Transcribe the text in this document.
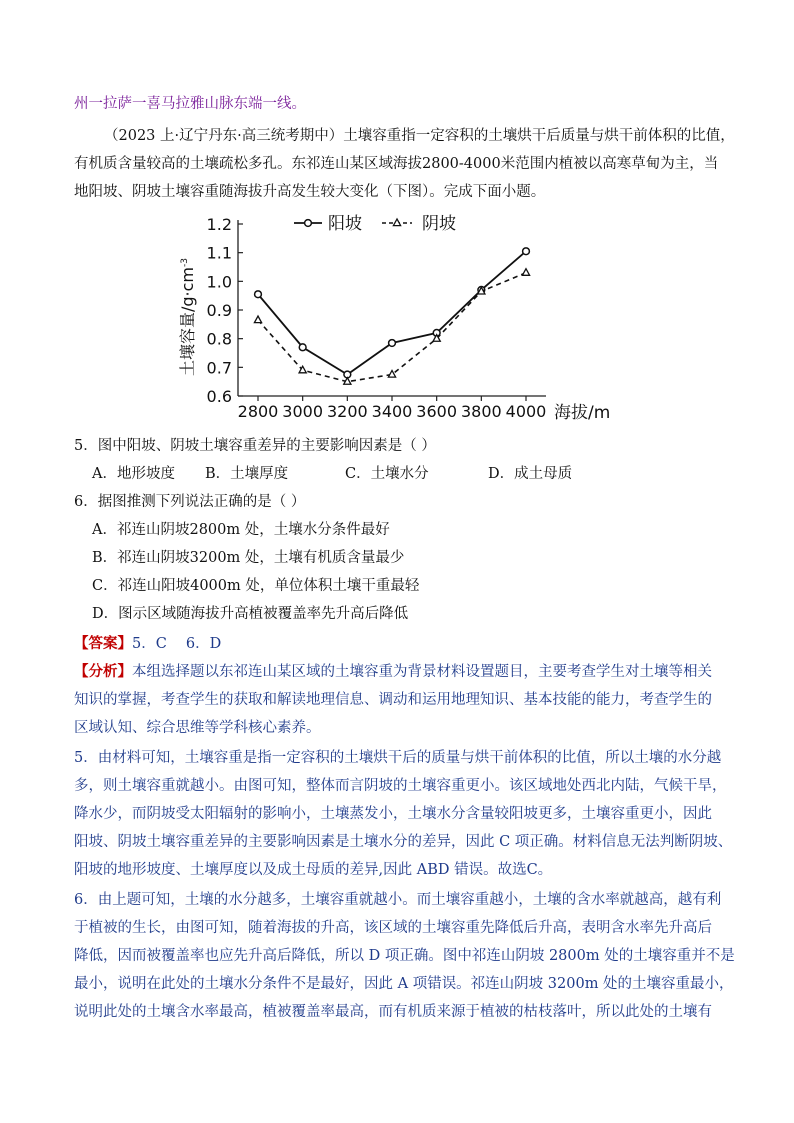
州一拉萨一喜马拉雅山脉东端一线。
（2023 上·辽宁丹东·高三统考期中）土壤容重指一定容积的土壤烘干后质量与烘干前体积的比值，
有机质含量较高的土壤疏松多孔。东祁连山某区域海拔2800-4000米范围内植被以高寒草甸为主，当
地阳坡、阴坡土壤容重随海拔升高发生较大变化（下图）。完成下面小题。
0.6
0.7
0.8
0.9
1.0
1.1
1.2
2800 3000 3200 3400 3600 3800 4000 海拔/m
土壤容量$/g\cdot cm^{-3}$
阳坡	阴坡
5．图中阳坡、阴坡土壤容重差异的主要影响因素是（ ）
A．地形坡度	B．土壤厚度	C．土壤水分	D．成土母质
6．据图推测下列说法正确的是（ ）
A．祁连山阴坡2800m 处，土壤水分条件最好
B．祁连山阴坡3200m 处，土壤有机质含量最少
C．祁连山阳坡4000m 处，单位体积土壤干重最轻
D．图示区域随海拔升高植被覆盖率先升高后降低
【答案】5．C　 6．D
【分析】本组选择题以东祁连山某区域的土壤容重为背景材料设置题目，主要考查学生对土壤等相关
知识的掌握，考查学生的获取和解读地理信息、调动和运用地理知识、基本技能的能力，考查学生的
区域认知、综合思维等学科核心素养。
5．由材料可知，土壤容重是指一定容积的土壤烘干后的质量与烘干前体积的比值，所以土壤的水分越
多，则土壤容重就越小。由图可知，整体而言阴坡的土壤容重更小。该区域地处西北内陆，气候干旱，
降水少，而阴坡受太阳辐射的影响小，土壤蒸发小，土壤水分含量较阳坡更多，土壤容重更小，因此
阳坡、阴坡土壤容重差异的主要影响因素是土壤水分的差异，因此 C 项正确。材料信息无法判断阴坡、
阳坡的地形坡度、土壤厚度以及成土母质的差异,因此 ABD 错误。故选C。
6．由上题可知，土壤的水分越多，土壤容重就越小。而土壤容重越小，土壤的含水率就越高，越有利
于植被的生长，由图可知，随着海拔的升高，该区域的土壤容重先降低后升高，表明含水率先升高后
降低，因而被覆盖率也应先升高后降低，所以 D 项正确。图中祁连山阴坡 2800m 处的土壤容重并不是
最小，说明在此处的土壤水分条件不是最好，因此 A 项错误。祁连山阴坡 3200m 处的土壤容重最小，
说明此处的土壤含水率最高，植被覆盖率最高，而有机质来源于植被的枯枝落叶，所以此处的土壤有
